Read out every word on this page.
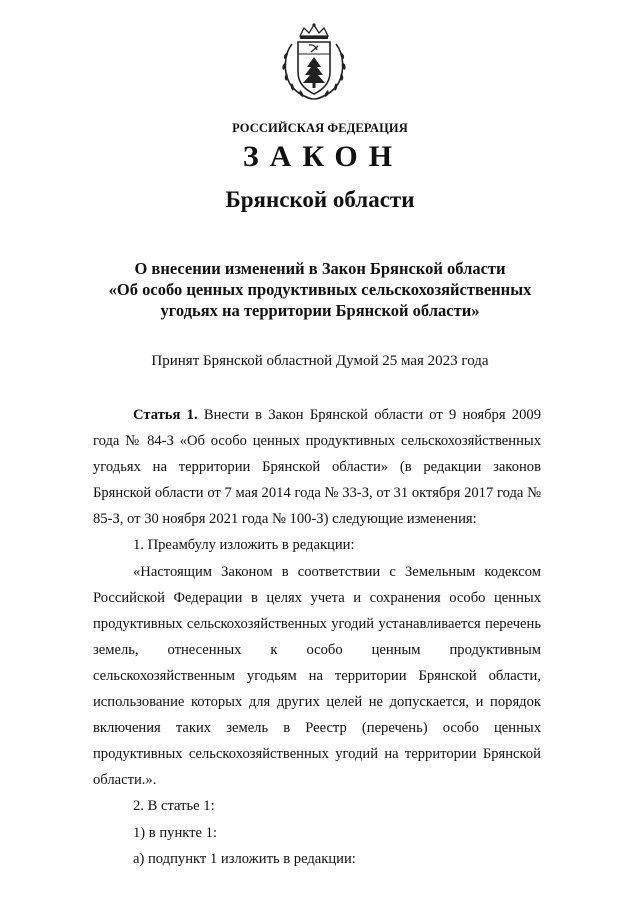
РОССИЙСКАЯ ФЕДЕРАЦИЯ
ЗАКОН
Брянской области
О внесении изменений в Закон Брянской области
«Об особо ценных продуктивных сельскохозяйственных
угодьях на территории Брянской области»
Принят Брянской областной Думой 25 мая 2023 года

Статья 1. Внести в Закон Брянской области от 9 ноября 2009 года № 84-З «Об особо ценных продуктивных сельскохозяйственных угодьях на территории Брянской области» (в редакции законов Брянской области от 7 мая 2014 года № 33-З, от 31 октября 2017 года № 85-З, от 30 ноября 2021 года № 100-З) следующие изменения:

1. Преамбулу изложить в редакции:

«Настоящим Законом в соответствии с Земельным кодексом Российской Федерации в целях учета и сохранения особо ценных продуктивных сельскохозяйственных угодий устанавливается перечень земель, отнесенных к особо ценным продуктивным сельскохозяйственным угодьям на территории Брянской области, использование которых для других целей не допускается, и порядок включения таких земель в Реестр (перечень) особо ценных продуктивных сельскохозяйственных угодий на территории Брянской области.».

2. В статье 1:

1) в пункте 1:

а) подпункт 1 изложить в редакции:
